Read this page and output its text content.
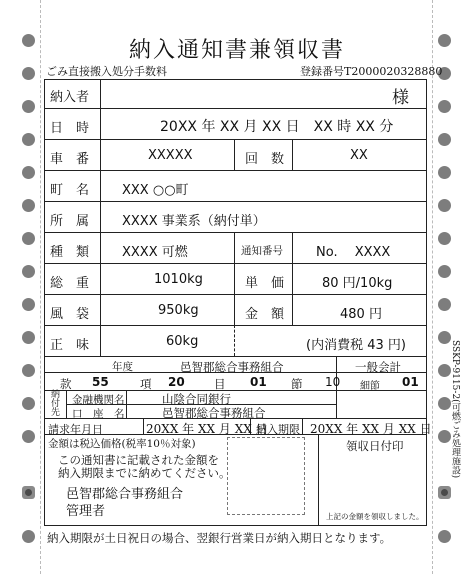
納入通知書兼領収書
ごみ直接搬入処分手数料	登録番号T2000020328880
納入者	様
日　時	20XX 年 XX 月 XX 日　XX 時 XX 分
車　番	XXXXX	回　数	XX
町　名	XXX ○○町
所　属	XXXX 事業系（納付単）
種　類	XXXX 可燃	通知番号	No.　 XXXX
総　重	1010kg	単　価	80 円/10kg
風　袋	950kg	金　額	480 円
正　味	60kg	(内消費税 43 円)
年度	邑智郡総合事務組合	一般会計
款 55	項 20	目 01 節 10 細節 01
納
付
先
金融機関名	山陰合同銀行
口　座　名	邑智郡総合事務組合
請求年月日	20XX 年 XX 月 XX 日
納入期限 20XX 年 XX 月 XX 日
金額は税込価格(税率10％対象)
この通知書に記載された金額を
納入期限までに納めてください。
邑智郡総合事務組合
管理者
領収日付印
上記の金額を領収しました。
SSKP-9115-2(可燃ごみ処理施設)
納入期限が土日祝日の場合、翌銀行営業日が納入期日となります。
